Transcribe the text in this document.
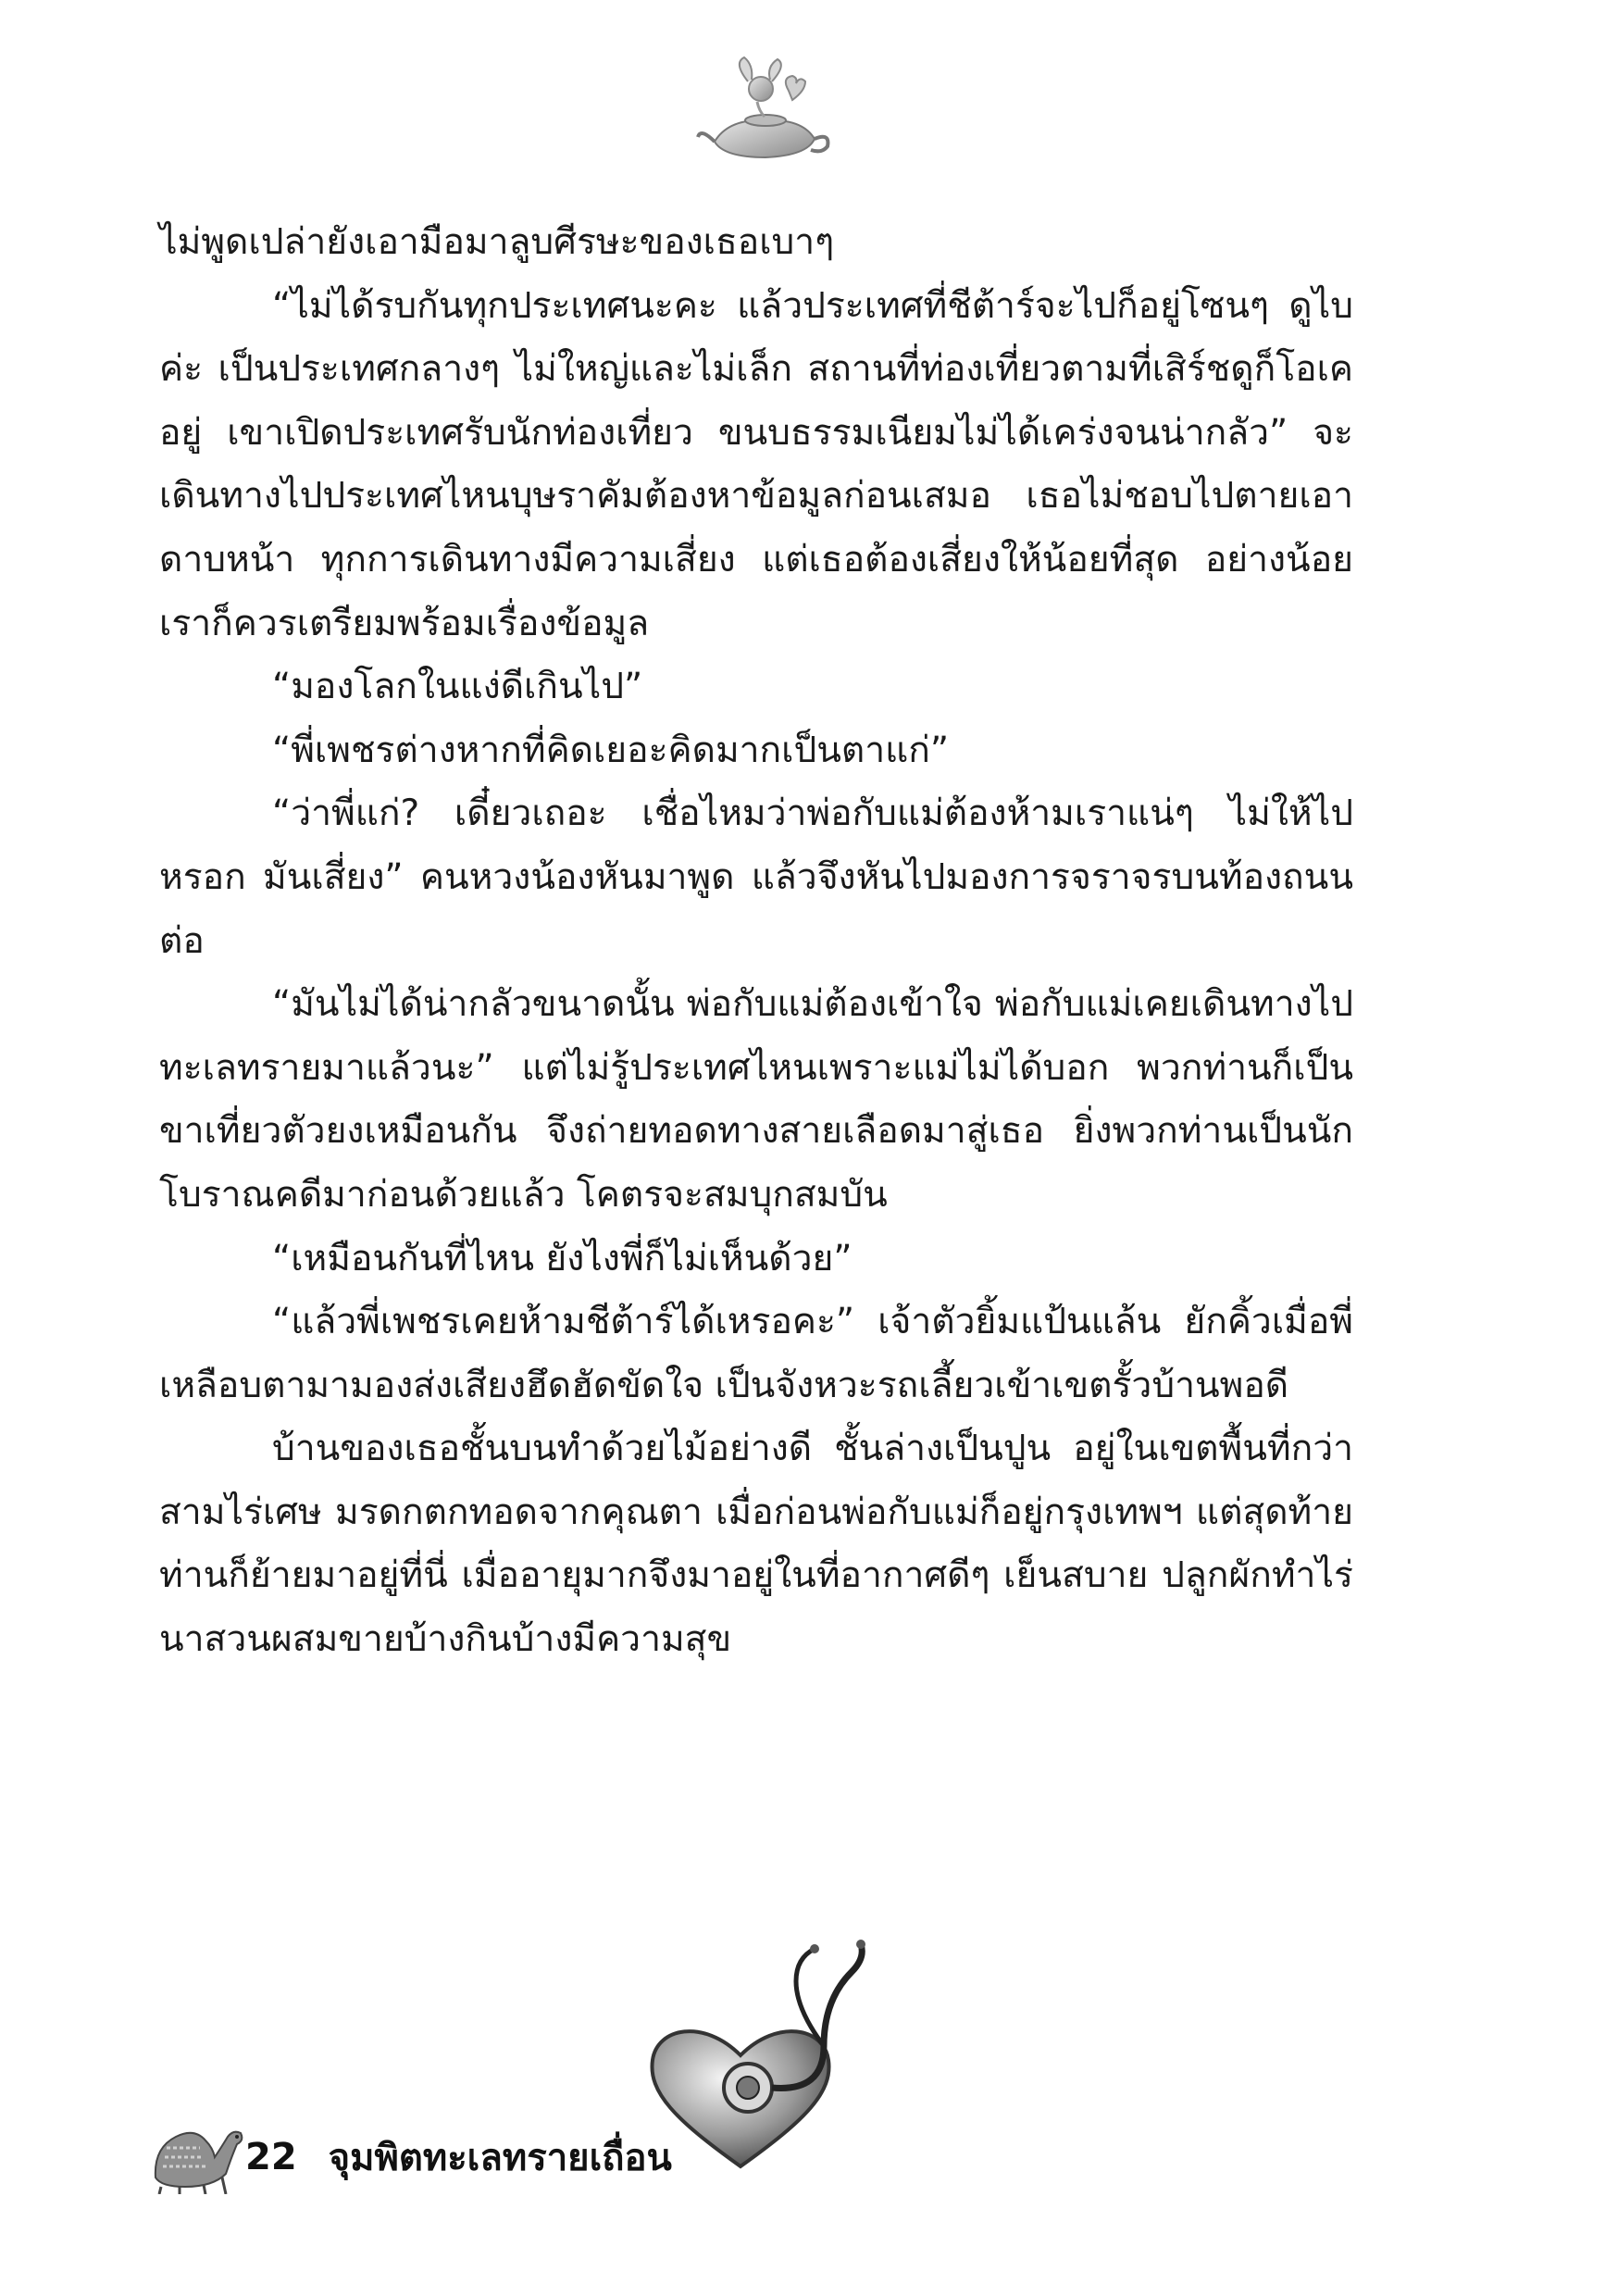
ไม่พูดเปล่ายังเอามือมาลูบศีรษะของเธอเบาๆ

“ไม่ได้รบกันทุกประเทศนะคะ แล้วประเทศที่ชีต้าร์จะไปก็อยู่โซนๆ ดูไบค่ะ เป็นประเทศกลางๆ ไม่ใหญ่และไม่เล็ก สถานที่ท่องเที่ยวตามที่เสิร์ชดูก็โอเคอยู่ เขาเปิดประเทศรับนักท่องเที่ยว ขนบธรรมเนียมไม่ได้เคร่งจนน่ากลัว” จะเดินทางไปประเทศไหนบุษราคัมต้องหาข้อมูลก่อนเสมอ เธอไม่ชอบไปตายเอาดาบหน้า ทุกการเดินทางมีความเสี่ยง แต่เธอต้องเสี่ยงให้น้อยที่สุด อย่างน้อยเราก็ควรเตรียมพร้อมเรื่องข้อมูล

“มองโลกในแง่ดีเกินไป”

“พี่เพชรต่างหากที่คิดเยอะคิดมากเป็นตาแก่”

“ว่าพี่แก่? เดี๋ยวเถอะ เชื่อไหมว่าพ่อกับแม่ต้องห้ามเราแน่ๆ ไม่ให้ไปหรอก มันเสี่ยง” คนหวงน้องหันมาพูด แล้วจึงหันไปมองการจราจรบนท้องถนนต่อ

“มันไม่ได้น่ากลัวขนาดนั้น พ่อกับแม่ต้องเข้าใจ พ่อกับแม่เคยเดินทางไปทะเลทรายมาแล้วนะ” แต่ไม่รู้ประเทศไหนเพราะแม่ไม่ได้บอก พวกท่านก็เป็นขาเที่ยวตัวยงเหมือนกัน จึงถ่ายทอดทางสายเลือดมาสู่เธอ ยิ่งพวกท่านเป็นนักโบราณคดีมาก่อนด้วยแล้ว โคตรจะสมบุกสมบัน

“เหมือนกันที่ไหน ยังไงพี่ก็ไม่เห็นด้วย”

“แล้วพี่เพชรเคยห้ามชีต้าร์ได้เหรอคะ” เจ้าตัวยิ้มแป้นแล้น ยักคิ้วเมื่อพี่เหลือบตามามองส่งเสียงฮึดฮัดขัดใจ เป็นจังหวะรถเลี้ยวเข้าเขตรั้วบ้านพอดี

บ้านของเธอชั้นบนทำด้วยไม้อย่างดี ชั้นล่างเป็นปูน อยู่ในเขตพื้นที่กว่าสามไร่เศษ มรดกตกทอดจากคุณตา เมื่อก่อนพ่อกับแม่ก็อยู่กรุงเทพฯ แต่สุดท้ายท่านก็ย้ายมาอยู่ที่นี่ เมื่ออายุมากจึงมาอยู่ในที่อากาศดีๆ เย็นสบาย ปลูกผักทำไร่นาสวนผสมขายบ้างกินบ้างมีความสุข

22 จุมพิตทะเลทรายเถื่อน
